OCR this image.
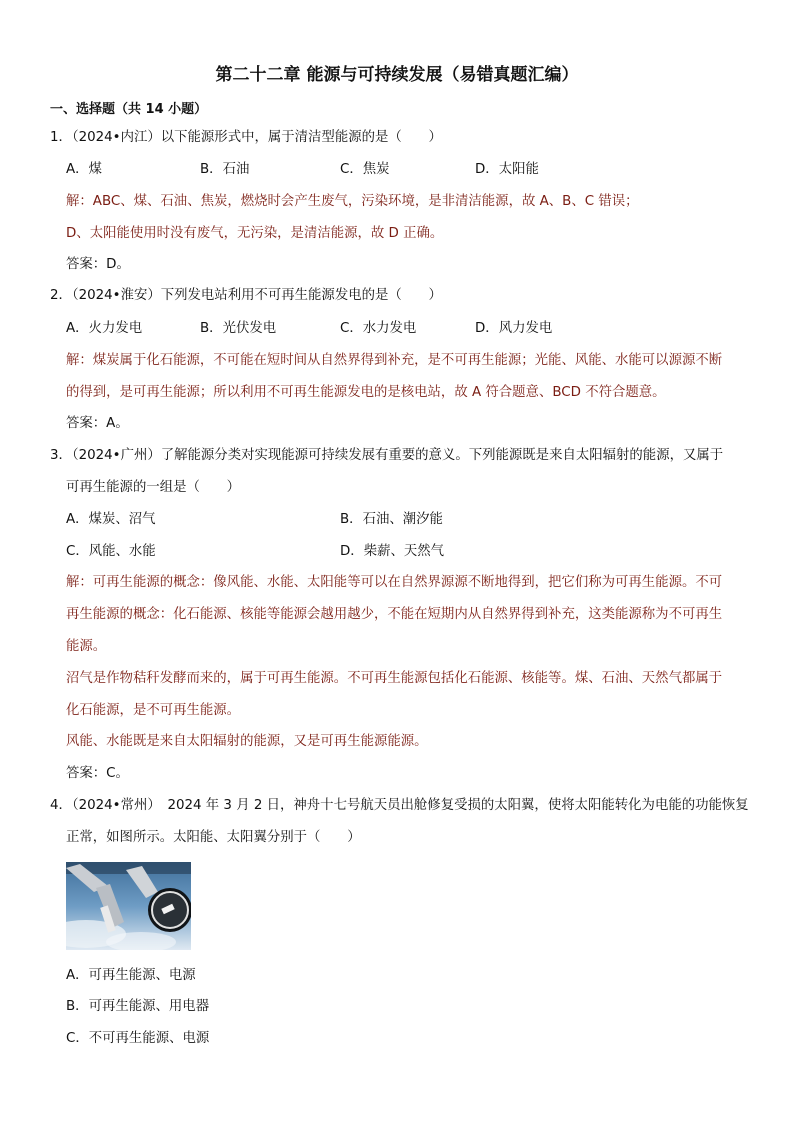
第二十二章 能源与可持续发展（易错真题汇编）
一、选择题（共 14 小题）
1．（2024•内江）以下能源形式中，属于清洁型能源的是（　　）
A．煤	B．石油	C．焦炭	D．太阳能
解：ABC、煤、石油、焦炭，燃烧时会产生废气，污染环境，是非清洁能源，故 A、B、C 错误；
D、太阳能使用时没有废气，无污染，是清洁能源，故 D 正确。
答案：D。
2．（2024•淮安）下列发电站利用不可再生能源发电的是（　　）
A．火力发电	B．光伏发电	C．水力发电	D．风力发电
解：煤炭属于化石能源，不可能在短时间从自然界得到补充，是不可再生能源；光能、风能、水能可以源源不断
的得到，是可再生能源；所以利用不可再生能源发电的是核电站，故 A 符合题意、BCD 不符合题意。
答案：A。
3．（2024•广州）了解能源分类对实现能源可持续发展有重要的意义。下列能源既是来自太阳辐射的能源，又属于
可再生能源的一组是（　　）
A．煤炭、沼气	B．石油、潮汐能
C．风能、水能	D．柴薪、天然气
解：可再生能源的概念：像风能、水能、太阳能等可以在自然界源源不断地得到，把它们称为可再生能源。不可
再生能源的概念：化石能源、核能等能源会越用越少，不能在短期内从自然界得到补充，这类能源称为不可再生
能源。
沼气是作物秸秆发酵而来的，属于可再生能源。不可再生能源包括化石能源、核能等。煤、石油、天然气都属于
化石能源，是不可再生能源。
风能、水能既是来自太阳辐射的能源，又是可再生能源能源。
答案：C。
4．（2024•常州）　2024 年 3 月 2 日，神舟十七号航天员出舱修复受损的太阳翼，使将太阳能转化为电能的功能恢复
正常，如图所示。太阳能、太阳翼分别于（　　）
A．可再生能源、电源
B．可再生能源、用电器
C．不可再生能源、电源
